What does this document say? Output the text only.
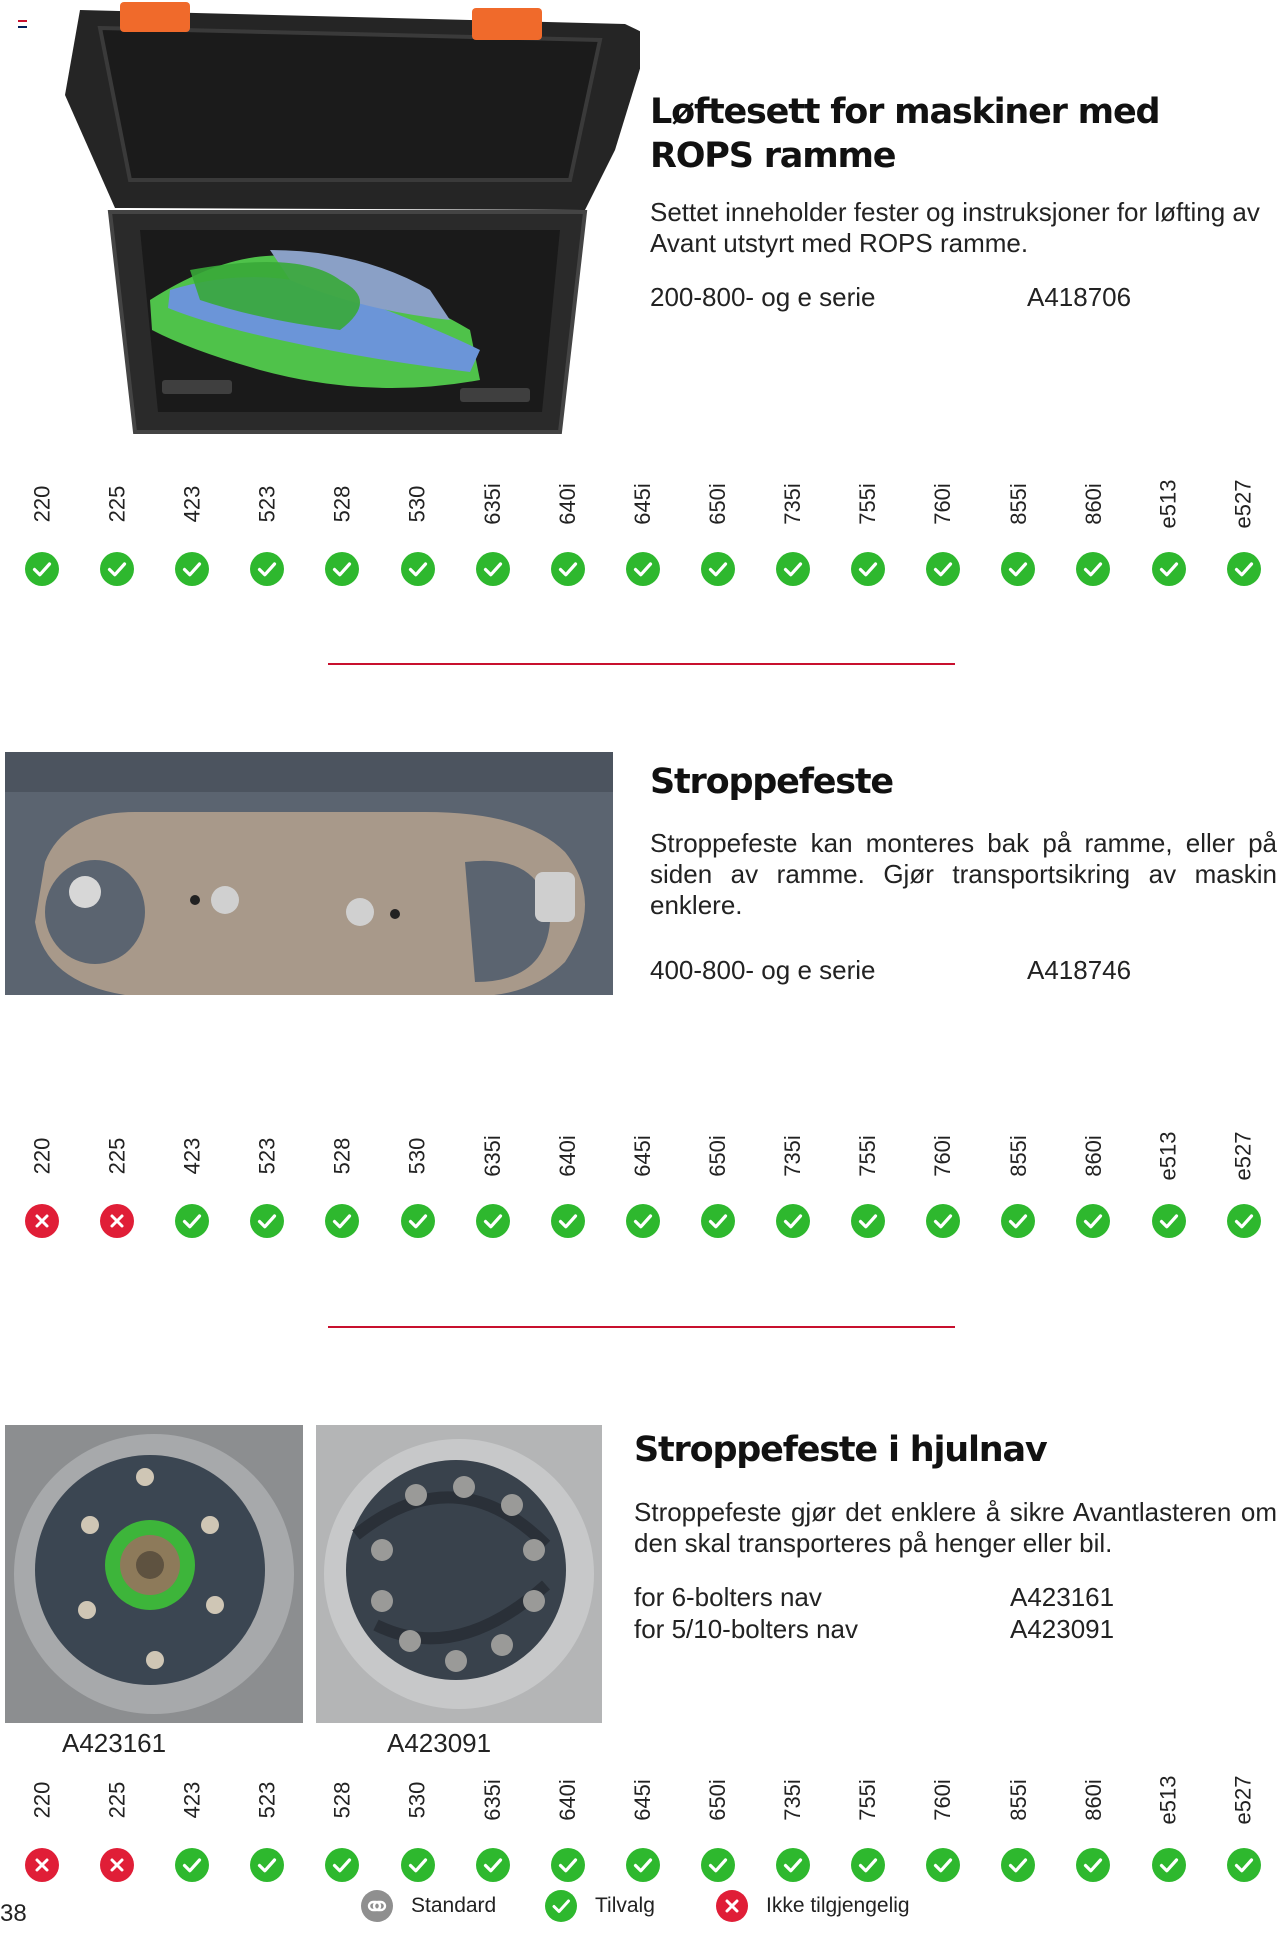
Løftesett for maskiner med ROPS ramme

Settet inneholder fester og instruksjoner for løfting av Avant utstyrt med ROPS ramme.

200-800- og e serie	A418706
220 225 423 523 528 530 635i 640i 645i 650i 735i 755i 760i 855i 860i e513 e527
Stroppefeste

Stroppefeste kan monteres bak på ramme, eller på siden av ramme. Gjør transportsikring av maskin enklere.

400-800- og e serie	A418746
220 225 423 523 528 530 635i 640i 645i 650i 735i 755i 760i 855i 860i e513 e527
A423161	A423091
Stroppefeste i hjulnav

Stroppefeste gjør det enklere å sikre Avantlasteren om den skal transporteres på henger eller bil.

for 6-bolters nav	A423161
for 5/10-bolters nav	A423091
220 225 423 523 528 530 635i 640i 645i 650i 735i 755i 760i 855i 860i e513 e527
Standard	Tilvalg	Ikke tilgjengelig
38
